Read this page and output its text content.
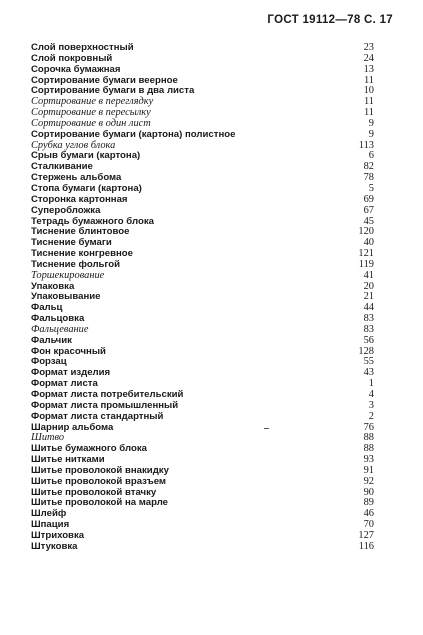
ГОСТ 19112—78 С. 17
Слой поверхностный	23
Слой покровный	24
Сорочка бумажная	13
Сортирование бумаги веерное	11
Сортирование бумаги в два листа	10
Сортирование в переглядку	11
Сортирование в пересылку	11
Сортирование в один лист	9
Сортирование бумаги (картона) полистное	9
Срубка углов блока	113
Срыв бумаги (картона)	6
Сталкивание	82
Стержень альбома	78
Стопа бумаги (картона)	5
Сторонка картонная	69
Суперобложка	67
Тетрадь бумажного блока	45
Тиснение блинтовое	120
Тиснение бумаги	40
Тиснение конгревное	121
Тиснение фольгой	119
Торшекирование	41
Упаковка	20
Упаковывание	21
Фальц	44
Фальцовка	83
Фальцевание	83
Фальчик	56
Фон красочный	128
Форзац	55
Формат изделия	43
Формат листа	1
Формат листа потребительский	4
Формат листа промышленный	3
Формат листа стандартный	2
Шарнир альбома	76
Шитво	88
Шитье бумажного блока	88
Шитье нитками	93
Шитье проволокой внакидку	91
Шитье проволокой вразъем	92
Шитье проволокой втачку	90
Шитье проволокой на марле	89
Шлейф	46
Шпация	70
Штриховка	127
Штуковка	116
